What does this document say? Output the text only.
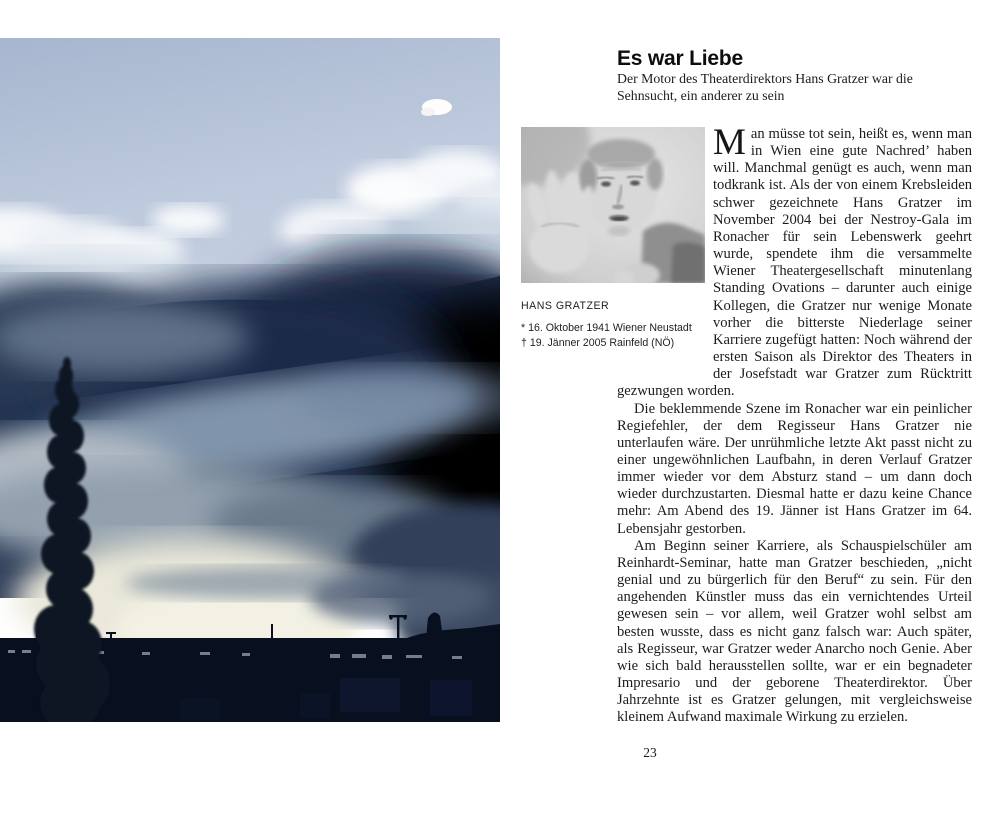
Es war Liebe
Der Motor des Theaterdirektors Hans Gratzer war die Sehnsucht, ein anderer zu sein
HANS GRATZER
* 16. Oktober 1941 Wiener Neustadt
† 19. Jänner 2005 Rainfeld (NÖ)

Man müsse tot sein, heißt es, wenn man in Wien eine gute Nachred’ haben will. Manchmal genügt es auch, wenn man todkrank ist. Als der von einem Krebsleiden schwer gezeichnete Hans Gratzer im November 2004 bei der Nestroy-Gala im Ronacher für sein Lebenswerk geehrt wurde, spendete ihm die versammelte Wiener Theatergesellschaft minutenlang Standing Ovations – darunter auch einige Kollegen, die Gratzer nur wenige Monate vorher die bitterste Niederlage seiner Karriere zugefügt hatten: Noch während der ersten Saison als Direktor des Theaters in der Josefstadt war Gratzer zum Rücktritt gezwungen worden.

Die beklemmende Szene im Ronacher war ein peinlicher Regiefehler, der dem Regisseur Hans Gratzer nie unterlaufen wäre. Der unrühmliche letzte Akt passt nicht zu einer ungewöhnlichen Laufbahn, in deren Verlauf Gratzer immer wieder vor dem Absturz stand – um dann doch wieder durchzustarten. Diesmal hatte er dazu keine Chance mehr: Am Abend des 19. Jänner ist Hans Gratzer im 64. Lebensjahr gestorben.

Am Beginn seiner Karriere, als Schauspielschüler am Reinhardt-Seminar, hatte man Gratzer beschieden, „nicht genial und zu bürgerlich für den Beruf“ zu sein. Für den angehenden Künstler muss das ein vernichtendes Urteil gewesen sein – vor allem, weil Gratzer wohl selbst am besten wusste, dass es nicht ganz falsch war: Auch später, als Regisseur, war Gratzer weder Anarcho noch Genie. Aber wie sich bald herausstellen sollte, war er ein begnadeter Impresario und der geborene Theaterdirektor. Über Jahrzehnte ist es Gratzer gelungen, mit vergleichsweise kleinem Aufwand maximale Wirkung zu erzielen.

23
